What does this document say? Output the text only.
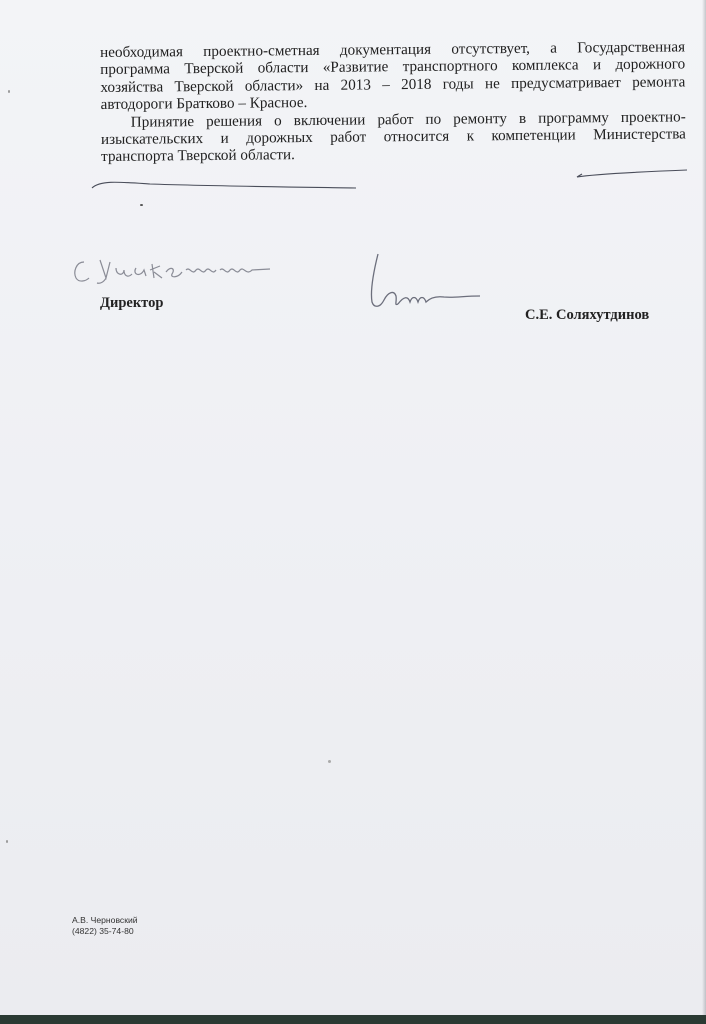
необходимая проектно-сметная документация отсутствует, а Государственная
программа Тверской области «Развитие транспортного комплекса и дорожного
хозяйства Тверской области» на 2013 – 2018 годы не предусматривает ремонта
автодороги Братково – Красное.
Принятие решения о включении работ по ремонту в программу проектно-
изыскательских и дорожных работ относится к компетенции Министерства
транспорта Тверской области.
Директор
С.Е. Соляхутдинов
А.В. Черновский
(4822) 35-74-80
